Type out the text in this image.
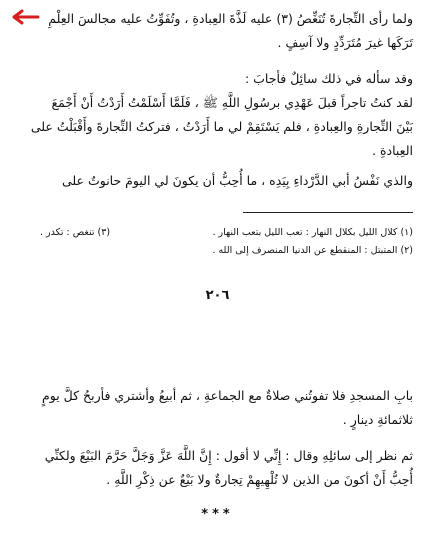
ولما رأى التِّجارةَ تُنَغِّصُ (٣) عليه لَذَّةَ العِبادةِ ، وتُفَوِّتُ عليه مجالسَ العِلْمِ
تَرَكَها غيرَ مُتَرَدِّدٍ ولا آسِفٍ .
وقد سأله في ذلك سائِلٌ فأجابَ :
لقد كنتُ تاجراً قبلَ عَهْدِي برسُولِ اللَّهِ ﷺ ، فَلَمَّا أَسْلَمْتُ أَرَدْتُ أَنْ أَجْمَعَ
بَيْنَ التِّجارةِ والعِبادةِ ، فلم يَسْتَقِمْ لي ما أَرَدْتُ ، فتركتُ التِّجارةَ وأَقْبَلْتُ على
العِبادةِ .
والذي نَفْسُ أبي الدَّرْداءِ بِيَدِه ، ما أُحِبُّ أن يكونَ لي اليومَ حانوتٌ على
(١) كلال الليل بكلال النهار : تعب الليل بتعب النهار .
(٣) تنغص : تكدر .
(٢) المتبتل : المنقطع عن الدنيا المنصرف إلى الله .
٢٠٦
بابِ المسجدِ فلا تفوتُني صلاةٌ مع الجماعةِ ، ثم أبيعُ وأشتري فأربحُ كلَّ يومٍ
ثلاثمائةِ دينارٍ .
ثم نظر إلى سائلِهِ وقال : إِنِّي لا أقول : إِنَّ اللَّهَ عَزَّ وَجَلَّ حَرَّمَ البَيْعَ ولكنِّي
أُحِبُّ أَنْ أكونَ من الذين لا تُلْهِيهِمْ تِجارةٌ ولا بَيْعٌ عن ذِكْرِ اللَّهِ .
***
